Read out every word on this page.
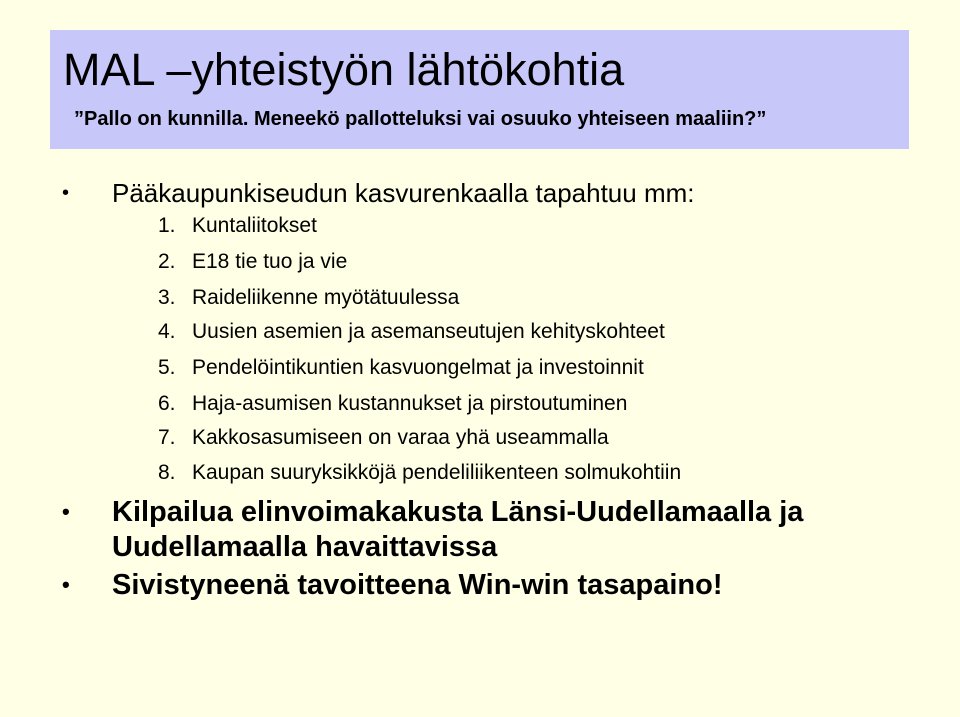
MAL –yhteistyön lähtökohtia
”Pallo on kunnilla. Meneekö pallotteluksi vai osuuko yhteiseen maaliin?”
• Pääkaupunkiseudun kasvurenkaalla tapahtuu mm:
1. Kuntaliitokset
2. E18 tie tuo ja vie
3. Raideliikenne myötätuulessa
4. Uusien asemien ja asemanseutujen kehityskohteet
5. Pendelöintikuntien kasvuongelmat ja investoinnit
6. Haja-asumisen kustannukset ja pirstoutuminen
7. Kakkosasumiseen on varaa yhä useammalla
8. Kaupan suuryksikköjä pendeliliikenteen solmukohtiin
• Kilpailua elinvoimakakusta Länsi-Uudellamaalla ja
Uudellamaalla havaittavissa
• Sivistyneenä tavoitteena Win-win tasapaino!
